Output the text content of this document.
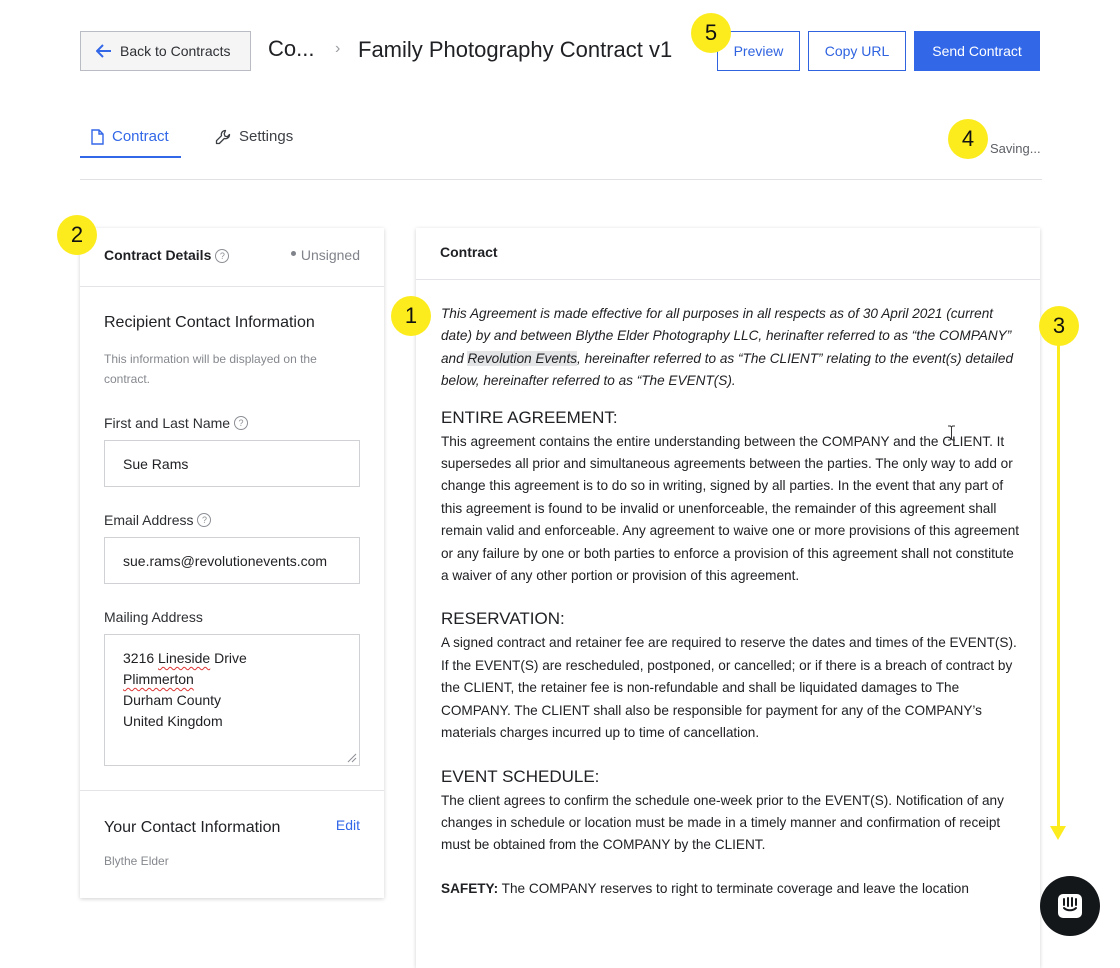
Back to Contracts Co... › Family Photography Contract v1	Preview	Copy URL	Send Contract
Contract	Settings
Saving...
Contract Details ?	Unsigned
Recipient Contact Information
This information will be displayed on the contract.
First and Last Name ?
Sue Rams
Email Address ?
sue.rams@revolutionevents.com
Mailing Address
3216 Lineside Drive
Plimmerton
Durham County
United Kingdom
Your Contact Information	Edit
Blythe Elder
Contract

This Agreement is made effective for all purposes in all respects as of 30 April 2021 (current date) by and between Blythe Elder Photography LLC, herinafter referred to as “the COMPANY” and Revolution Events, hereinafter referred to as “The CLIENT” relating to the event(s) detailed below, hereinafter referred to as “The EVENT(S).

ENTIRE AGREEMENT:

This agreement contains the entire understanding between the COMPANY and the CLIENT. It supersedes all prior and simultaneous agreements between the parties. The only way to add or change this agreement is to do so in writing, signed by all parties. In the event that any part of this agreement is found to be invalid or unenforceable, the remainder of this agreement shall remain valid and enforceable. Any agreement to waive one or more provisions of this agreement or any failure by one or both parties to enforce a provision of this agreement shall not constitute a waiver of any other portion or provision of this agreement.

RESERVATION:

A signed contract and retainer fee are required to reserve the dates and times of the EVENT(S). If the EVENT(S) are rescheduled, postponed, or cancelled; or if there is a breach of contract by the CLIENT, the retainer fee is non-refundable and shall be liquidated damages to The COMPANY. The CLIENT shall also be responsible for payment for any of the COMPANY’s materials charges incurred up to time of cancellation.

EVENT SCHEDULE:

The client agrees to confirm the schedule one-week prior to the EVENT(S). Notification of any changes in schedule or location must be made in a timely manner and confirmation of receipt must be obtained from the COMPANY by the CLIENT.

SAFETY: The COMPANY reserves to right to terminate coverage and leave the location

1
2
3
4
5
